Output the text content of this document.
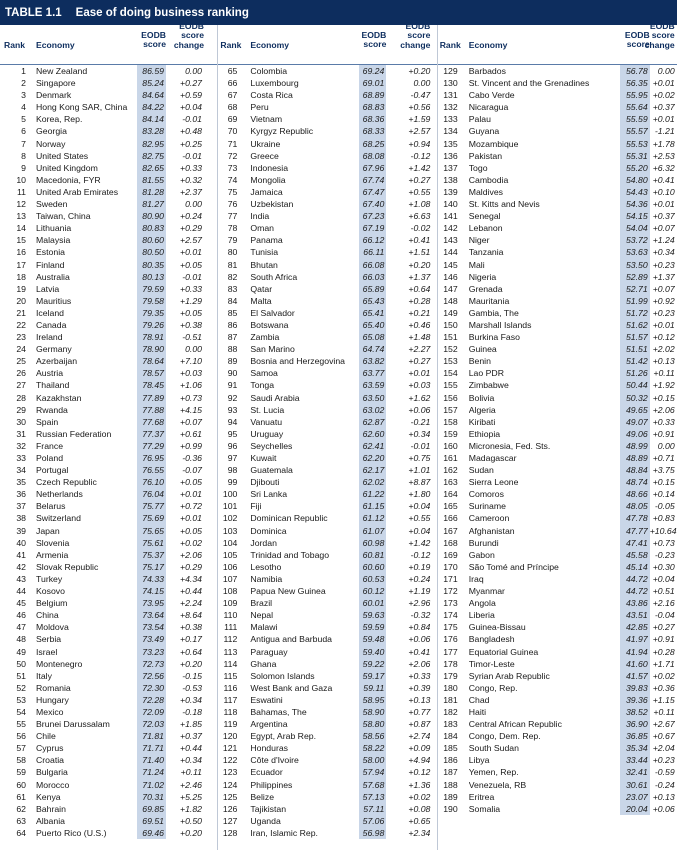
TABLE 1.1 Ease of doing business ranking
Rank Economy
EODB score
EODB score change
1 New Zealand	86.59	0.00
2 Singapore	85.24	+0.27
3 Denmark	84.64	+0.59
4 Hong Kong SAR, China	84.22	+0.04
5 Korea, Rep.	84.14	-0.01
6 Georgia	83.28	+0.48
7 Norway	82.95	+0.25
8 United States	82.75	-0.01
9 United Kingdom	82.65	+0.33
10 Macedonia, FYR	81.55	+0.32
11 United Arab Emirates	81.28	+2.37
12 Sweden	81.27	0.00
13 Taiwan, China	80.90	+0.24
14 Lithuania	80.83	+0.29
15 Malaysia	80.60	+2.57
16 Estonia	80.50	+0.01
17 Finland	80.35	+0.05
18 Australia	80.13	-0.01
19 Latvia	79.59	+0.33
20 Mauritius	79.58	+1.29
21 Iceland	79.35	+0.05
22 Canada	79.26	+0.38
23 Ireland	78.91	-0.51
24 Germany	78.90	0.00
25 Azerbaijan	78.64	+7.10
26 Austria	78.57	+0.03
27 Thailand	78.45	+1.06
28 Kazakhstan	77.89	+0.73
29 Rwanda	77.88	+4.15
30 Spain	77.68	+0.07
31 Russian Federation	77.37	+0.61
32 France	77.29	+0.99
33 Poland	76.95	-0.36
34 Portugal	76.55	-0.07
35 Czech Republic	76.10	+0.05
36 Netherlands	76.04	+0.01
37 Belarus	75.77	+0.72
38 Switzerland	75.69	+0.01
39 Japan	75.65	+0.05
40 Slovenia	75.61	+0.02
41 Armenia	75.37	+2.06
42 Slovak Republic	75.17	+0.29
43 Turkey	74.33	+4.34
44 Kosovo	74.15	+0.44
45 Belgium	73.95	+2.24
46 China	73.64	+8.64
47 Moldova	73.54	+0.38
48 Serbia	73.49	+0.17
49 Israel	73.23	+0.64
50 Montenegro	72.73	+0.20
51 Italy	72.56	-0.15
52 Romania	72.30	-0.53
53 Hungary	72.28	+0.34
54 Mexico	72.09	-0.18
55 Brunei Darussalam	72.03	+1.85
56 Chile	71.81	+0.37
57 Cyprus	71.71	+0.44
58 Croatia	71.40	+0.34
59 Bulgaria	71.24	+0.11
60 Morocco	71.02	+2.46
61 Kenya	70.31	+5.25
62 Bahrain	69.85	+1.82
63 Albania	69.51	+0.50
64 Puerto Rico (U.S.)	69.46	+0.20
Rank Economy
EODB score
EODB score change
65 Colombia	69.24	+0.20
66 Luxembourg	69.01	0.00
67 Costa Rica	68.89	-0.47
68 Peru	68.83	+0.56
69 Vietnam	68.36	+1.59
70 Kyrgyz Republic	68.33	+2.57
71 Ukraine	68.25	+0.94
72 Greece	68.08	-0.12
73 Indonesia	67.96	+1.42
74 Mongolia	67.74	+0.27
75 Jamaica	67.47	+0.55
76 Uzbekistan	67.40	+1.08
77 India	67.23	+6.63
78 Oman	67.19	-0.02
79 Panama	66.12	+0.41
80 Tunisia	66.11	+1.51
81 Bhutan	66.08	+0.20
82 South Africa	66.03	+1.37
83 Qatar	65.89	+0.64
84 Malta	65.43	+0.28
85 El Salvador	65.41	+0.21
86 Botswana	65.40	+0.46
87 Zambia	65.08	+1.48
88 San Marino	64.74	+2.27
89 Bosnia and Herzegovina	63.82	+0.27
90 Samoa	63.77	+0.01
91 Tonga	63.59	+0.03
92 Saudi Arabia	63.50	+1.62
93 St. Lucia	63.02	+0.06
94 Vanuatu	62.87	-0.21
95 Uruguay	62.60	+0.34
96 Seychelles	62.41	-0.01
97 Kuwait	62.20	+0.75
98 Guatemala	62.17	+1.01
99 Djibouti	62.02	+8.87
100 Sri Lanka	61.22	+1.80
101 Fiji	61.15	+0.04
102 Dominican Republic	61.12	+0.55
103 Dominica	61.07	+0.04
104 Jordan	60.98	+1.42
105 Trinidad and Tobago	60.81	-0.12
106 Lesotho	60.60	+0.19
107 Namibia	60.53	+0.24
108 Papua New Guinea	60.12	+1.19
109 Brazil	60.01	+2.96
110 Nepal	59.63	-0.32
111 Malawi	59.59	+0.84
112 Antigua and Barbuda	59.48	+0.06
113 Paraguay	59.40	+0.41
114 Ghana	59.22	+2.06
115 Solomon Islands	59.17	+0.33
116 West Bank and Gaza	59.11	+0.39
117 Eswatini	58.95	+0.13
118 Bahamas, The	58.90	+0.77
119 Argentina	58.80	+0.87
120 Egypt, Arab Rep.	58.56	+2.74
121 Honduras	58.22	+0.09
122 Côte d'Ivoire	58.00	+4.94
123 Ecuador	57.94	+0.12
124 Philippines	57.68	+1.36
125 Belize	57.13	+0.02
126 Tajikistan	57.11	+0.08
127 Uganda	57.06	+0.65
128 Iran, Islamic Rep.	56.98	+2.34
Rank Economy
EODB score
EODB score change
129 Barbados	56.78	0.00
130 St. Vincent and the Grenadines	56.35 +0.01
131 Cabo Verde	55.95 +0.02
132 Nicaragua	55.64 +0.37
133 Palau	55.59 +0.01
134 Guyana	55.57 -1.21
135 Mozambique	55.53 +1.78
136 Pakistan	55.31 +2.53
137 Togo	55.20 +6.32
138 Cambodia	54.80 +0.41
139 Maldives	54.43 +0.10
140 St. Kitts and Nevis	54.36 +0.01
141 Senegal	54.15 +0.37
142 Lebanon	54.04 +0.07
143 Niger	53.72 +1.24
144 Tanzania	53.63 +0.34
145 Mali	53.50 +0.23
146 Nigeria	52.89 +1.37
147 Grenada	52.71 +0.07
148 Mauritania	51.99 +0.92
149 Gambia, The	51.72 +0.23
150 Marshall Islands	51.62 +0.01
151 Burkina Faso	51.57 +0.12
152 Guinea	51.51 +2.02
153 Benin	51.42 +0.13
154 Lao PDR	51.26 +0.11
155 Zimbabwe	50.44 +1.92
156 Bolivia	50.32 +0.15
157 Algeria	49.65 +2.06
158 Kiribati	49.07 +0.33
159 Ethiopia	49.06 +0.91
160 Micronesia, Fed. Sts.	48.99	0.00
161 Madagascar	48.89 +0.71
162 Sudan	48.84 +3.75
163 Sierra Leone	48.74 +0.15
164 Comoros	48.66 +0.14
165 Suriname	48.05 -0.05
166 Cameroon	47.78 +0.83
167 Afghanistan	47.77 +10.64
168 Burundi	47.41 +0.73
169 Gabon	45.58 -0.23
170 São Tomé and Príncipe	45.14 +0.30
171 Iraq	44.72 +0.04
172 Myanmar	44.72 +0.51
173 Angola	43.86 +2.16
174 Liberia	43.51 -0.04
175 Guinea-Bissau	42.85 +0.27
176 Bangladesh	41.97 +0.91
177 Equatorial Guinea	41.94 +0.28
178 Timor-Leste	41.60 +1.71
179 Syrian Arab Republic	41.57 +0.02
180 Congo, Rep.	39.83 +0.36
181 Chad	39.36 +1.15
182 Haiti	38.52 +0.11
183 Central African Republic	36.90 +2.67
184 Congo, Dem. Rep.	36.85 +0.67
185 South Sudan	35.34 +2.04
186 Libya	33.44 +0.23
187 Yemen, Rep.	32.41 -0.59
188 Venezuela, RB	30.61 -0.24
189 Eritrea	23.07 +0.13
190 Somalia	20.04 +0.06
